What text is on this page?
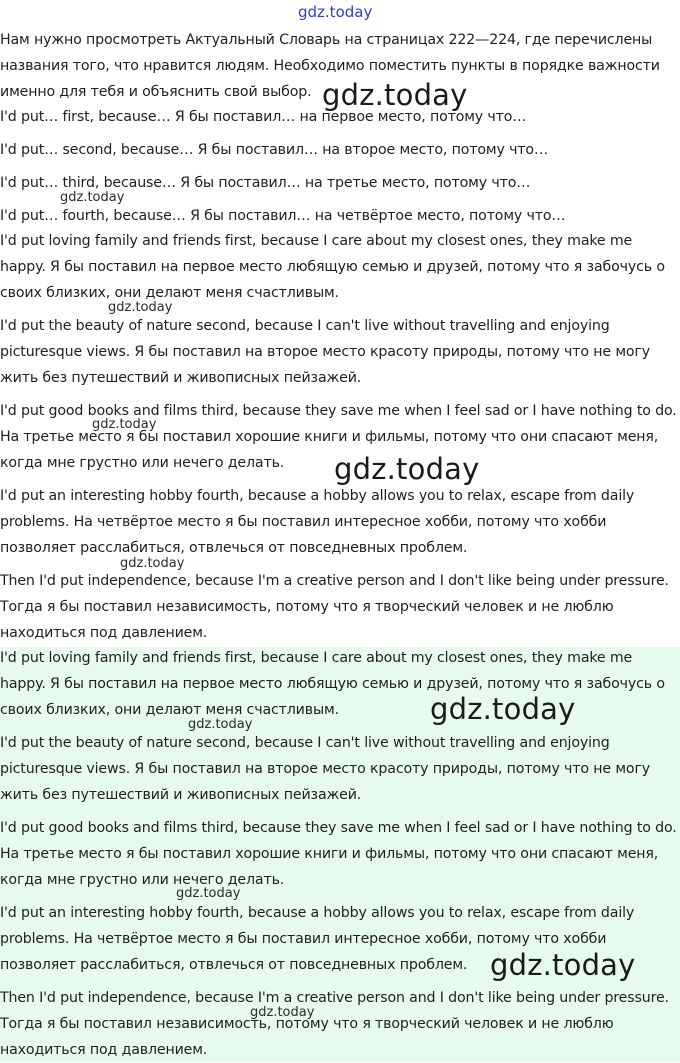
Нам нужно просмотреть Актуальный Словарь на страницах 222—224, где перечислены названия того, что нравится людям. Необходимо поместить пункты в порядке важности именно для тебя и объяснить свой выбор.

I'd put… first, because… Я бы поставил… на первое место, потому что…

I'd put… second, because… Я бы поставил… на второе место, потому что…

I'd put… third, because… Я бы поставил… на третье место, потому что…

I'd put… fourth, because… Я бы поставил… на четвёртое место, потому что…

I'd put loving family and friends first, because I care about my closest ones, they make me happy. Я бы поставил на первое место любящую семью и друзей, потому что я забочусь о своих близких, они делают меня счастливым.

I'd put the beauty of nature second, because I can't live without travelling and enjoying picturesque views. Я бы поставил на второе место красоту природы, потому что не могу жить без путешествий и живописных пейзажей.

I'd put good books and films third, because they save me when I feel sad or I have nothing to do. На третье место я бы поставил хорошие книги и фильмы, потому что они спасают меня, когда мне грустно или нечего делать.

I'd put an interesting hobby fourth, because a hobby allows you to relax, escape from daily problems. На четвёртое место я бы поставил интересное хобби, потому что хобби позволяет расслабиться, отвлечься от повседневных проблем.

Then I'd put independence, because I'm a creative person and I don't like being under pressure. Тогда я бы поставил независимость, потому что я творческий человек и не люблю находиться под давлением.

I'd put loving family and friends first, because I care about my closest ones, they make me happy. Я бы поставил на первое место любящую семью и друзей, потому что я забочусь о своих близких, они делают меня счастливым.

I'd put the beauty of nature second, because I can't live without travelling and enjoying picturesque views. Я бы поставил на второе место красоту природы, потому что не могу жить без путешествий и живописных пейзажей.

I'd put good books and films third, because they save me when I feel sad or I have nothing to do. На третье место я бы поставил хорошие книги и фильмы, потому что они спасают меня, когда мне грустно или нечего делать.

I'd put an interesting hobby fourth, because a hobby allows you to relax, escape from daily problems. На четвёртое место я бы поставил интересное хобби, потому что хобби позволяет расслабиться, отвлечься от повседневных проблем.

Then I'd put independence, because I'm a creative person and I don't like being under pressure. Тогда я бы поставил независимость, потому что я творческий человек и не люблю находиться под давлением.

gdz.today
gdz.today
gdz.today
gdz.today
gdz.today
gdz.today
gdz.today
gdz.today
gdz.today
gdz.today
gdz.today
gdz.today
